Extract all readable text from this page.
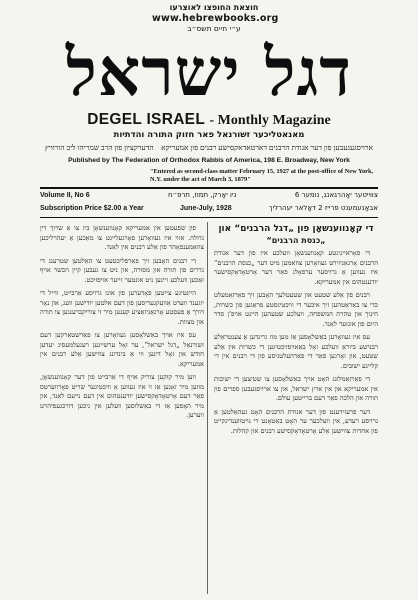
חוצאת החופצו לאוצרעו
www.hebrewbooks.org
ע״י חיים תשס״ב
דגל ישראל
DEGEL ISRAEL - Monthly Magazine
מאנאטליכער זשורנאל פאר חזוק התורה והדתיות
ארויסגעגעבען פון דער אגודת הרבנים דארטאדאקסישע רבנים פון אמעריקא    הדערקציון פון הרב שמריהו ליב הורוויץ
Published by The Federation of Orthodox Rabbis of America, 198 E. Broadway, New York
"Entered as second-class matter February 15, 1927 at the post-office of New York, N.Y. under the act of March 3, 1879"
Volume II, No 6	ניו יאָרק, תמוז, תרפ״ח	צווייטער יאָהרגאנג, נומער 6
Subscription Price $2.00 a Year	June-July, 1928	אבאָנעמענט פרייז 2 דאָלאר יעהרליך
די קאָנווענשאָן פון „דגל הרבנים“ און
„כנסת הרבנים“

די פאָראייניגטע קאָנווענשאָן וועלכע איז פון דער אגודת הרבנים אָרגאַניזירט געוואָרען צוזאמען מיט דער „כנסת הרבנים“ איז געווען אַ גרויסער ערפאָלג פאַר דער אָרטאָדאָקסישער יודענטהום אין אמעריקא.

רבנים פון אַלע שטעט און שטעטלעך האָבען זיך פאַרזאַמעלט כדי צו באַראַטהען זיך איבער די וויכטיגסטע פראַגען פון כשרות, חינוך און טהרת המשפחה, וועלכע שטעהען היינט אויפ'ן סדר היום פון אונזער לאַנד.

עס איז געוואָרען באַשלאָסען אַז מען מוז גרינדען אַ צענטראַלע רבנישע ביוראָ וועלכע זאָל באַאויפזיכטיגען די כשרות אין אַלע שטעט, און זאָרגען פאַר די פאַרהעלטניסע פון די רבנים אין די קליינע ישובים.

די פאַרזאַמלונג האָט אויך באַשלאָסען צו שטיצען די ישיבות אין אמעריקא און אין ארץ ישראל, און צו ארויסגעבען ספרים פון תורה און הלכה פאַר דעם ברייטען עולם.

דער פרעזידענט פון דער אגודת הרבנים האָט געהאַלטען אַ גרויסע רעדע, אין וועלכער ער האָט באַטאָנט די נויטווענדיגקייט פון אחדות צווישען אַלע אָרטאָדאָקסישע רבנים און קהלות.

פון שפעטען אין אמעריקא קאָנווענשאָן ביז צו אַ שרוך דין גדולה. אזוי איז געוואָרען פאָרגעלייגט צו מאַכען אַ יעהרליכען צוזאַמענפאָהר פון אַלע רבנים אין לאַנד.

די רבנים האָבען זיך פאַרפליכטעט צו האַלטען שטרענג די גדרים פון תורה און מסורה, און ניט צו געבען קיין הכשר אויף זאַכען וועלכע זיינען ניט אונטער זייער אויפזיכט.

היינטיגע צייטען פאָדערען פון אונז גרויסע אַרבייט, ווייל די יוגענד ווערט אַוועקגעריסען פון דעם אלטען יודישען וועג, און נאָר דורך אַ פעסטע אָרגאַניזאַציע קענען מיר זי צוריקברענגען צו תורה און מצוות.

עס איז אויך באַשלאָסען געוואָרען צו פאַרשטאַרקען דעם זשורנאַל „דגל ישראל“, ער זאָל ערשיינען רעגעלמעסיג יעדען חודש און זאָל דינען ווי אַ בינדונג צווישען אַלע רבנים אין אמעריקא.

ווען מיר קוקען צוריק אויף די אַרבייט פון דער קאָנווענשאָן, מוזען מיר זאָגען אַז זי איז געווען אַ וויכטיגער שריט פאָרווערטס פאַר דעם אָרטאָדאָקסישען יודענטהום אין דעם נייעם לאַנד, און מיר האָפען אַז די באַשלוסען וועלען אין גיכען דורכגעפיהרט ווערען.
